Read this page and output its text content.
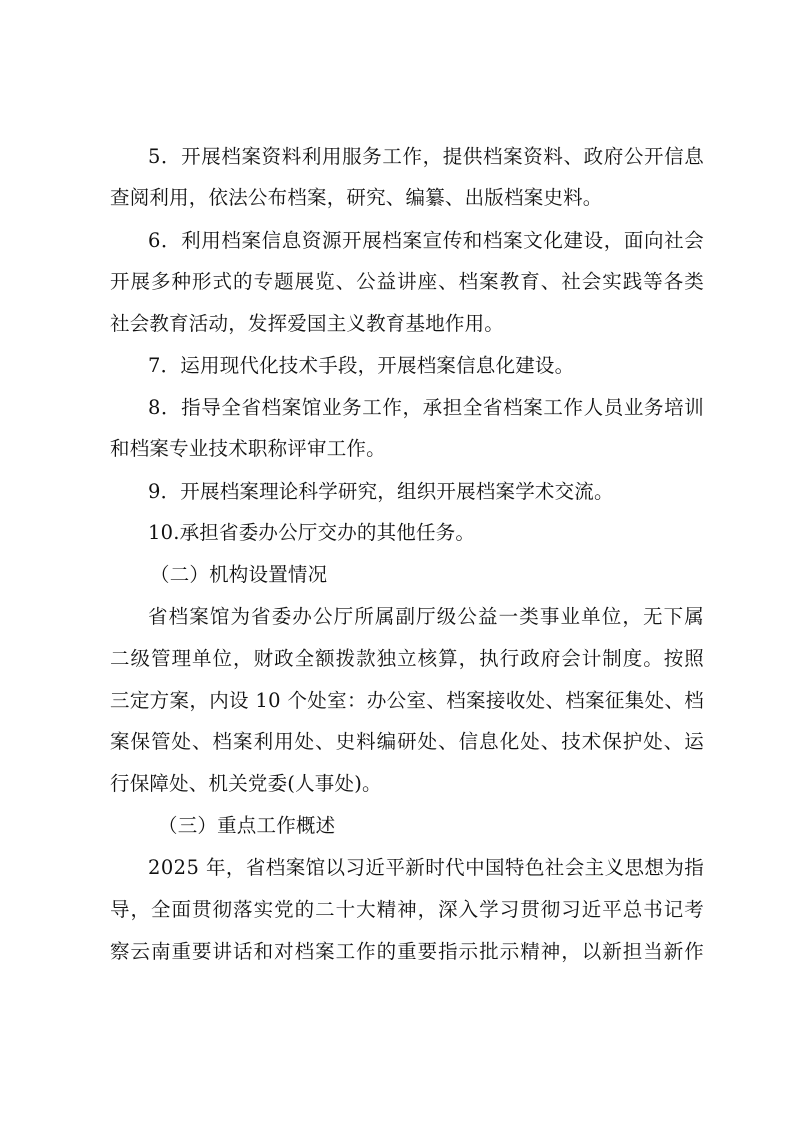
5．开展档案资料利用服务工作，提供档案资料、政府公开信息
查阅利用，依法公布档案，研究、编纂、出版档案史料。
6．利用档案信息资源开展档案宣传和档案文化建设，面向社会
开展多种形式的专题展览、公益讲座、档案教育、社会实践等各类
社会教育活动，发挥爱国主义教育基地作用。
7．运用现代化技术手段，开展档案信息化建设。
8．指导全省档案馆业务工作，承担全省档案工作人员业务培训
和档案专业技术职称评审工作。
9．开展档案理论科学研究，组织开展档案学术交流。
10.承担省委办公厅交办的其他任务。
（二）机构设置情况
省档案馆为省委办公厅所属副厅级公益一类事业单位，无下属
二级管理单位，财政全额拨款独立核算，执行政府会计制度。按照
三定方案，内设 10 个处室：办公室、档案接收处、档案征集处、档
案保管处、档案利用处、史料编研处、信息化处、技术保护处、运
行保障处、机关党委(人事处)。
（三）重点工作概述
2025 年，省档案馆以习近平新时代中国特色社会主义思想为指
导，全面贯彻落实党的二十大精神，深入学习贯彻习近平总书记考
察云南重要讲话和对档案工作的重要指示批示精神，以新担当新作
